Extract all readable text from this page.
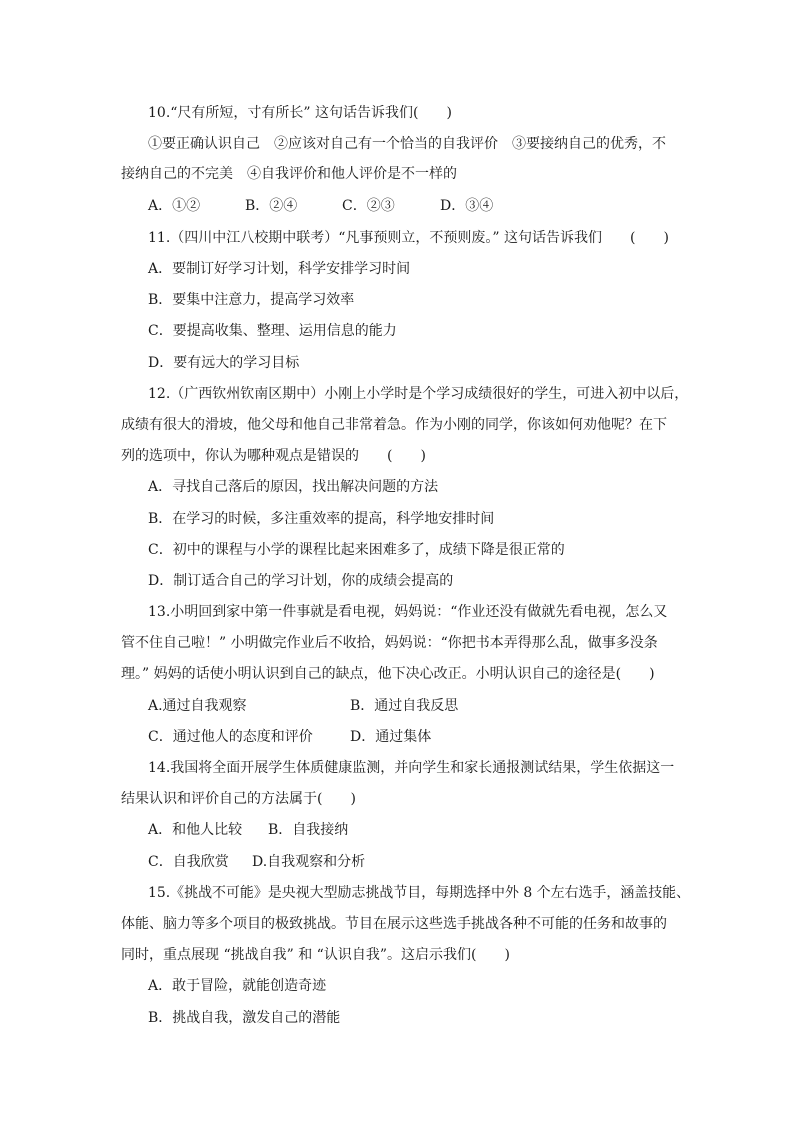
10.“尺有所短，寸有所长” 这句话告诉我们(　　)
①要正确认识自己　②应该对自己有一个恰当的自我评价　③要接纳自己的优秀，不
接纳自己的不完美　④自我评价和他人评价是不一样的
A．①②	B．②④	C．②③	D．③④
11.（四川中江八校期中联考）“凡事预则立，不预则废。” 这句话告诉我们　　(　　)
A．要制订好学习计划，科学安排学习时间
B．要集中注意力，提高学习效率
C．要提高收集、整理、运用信息的能力
D．要有远大的学习目标
12.（广西钦州钦南区期中）小刚上小学时是个学习成绩很好的学生，可进入初中以后，
成绩有很大的滑坡，他父母和他自己非常着急。作为小刚的同学，你该如何劝他呢？在下
列的选项中，你认为哪种观点是错误的　　(　　)
A．寻找自己落后的原因，找出解决问题的方法
B．在学习的时候，多注重效率的提高，科学地安排时间
C．初中的课程与小学的课程比起来困难多了，成绩下降是很正常的
D．制订适合自己的学习计划，你的成绩会提高的
13.小明回到家中第一件事就是看电视，妈妈说：“作业还没有做就先看电视，怎么又
管不住自己啦！” 小明做完作业后不收拾，妈妈说：“你把书本弄得那么乱，做事多没条
理。” 妈妈的话使小明认识到自己的缺点，他下决心改正。小明认识自己的途径是(　　)
A.通过自我观察	B．通过自我反思
C．通过他人的态度和评价	D．通过集体
14.我国将全面开展学生体质健康监测，并向学生和家长通报测试结果，学生依据这一
结果认识和评价自己的方法属于(　　)
A．和他人比较 B．自我接纳
C．自我欣赏 D.自我观察和分析
15.《挑战不可能》是央视大型励志挑战节目，每期选择中外 8 个左右选手，涵盖技能、
体能、脑力等多个项目的极致挑战。节目在展示这些选手挑战各种不可能的任务和故事的
同时，重点展现 “挑战自我” 和 “认识自我”。这启示我们(　　)
A．敢于冒险，就能创造奇迹
B．挑战自我，激发自己的潜能
